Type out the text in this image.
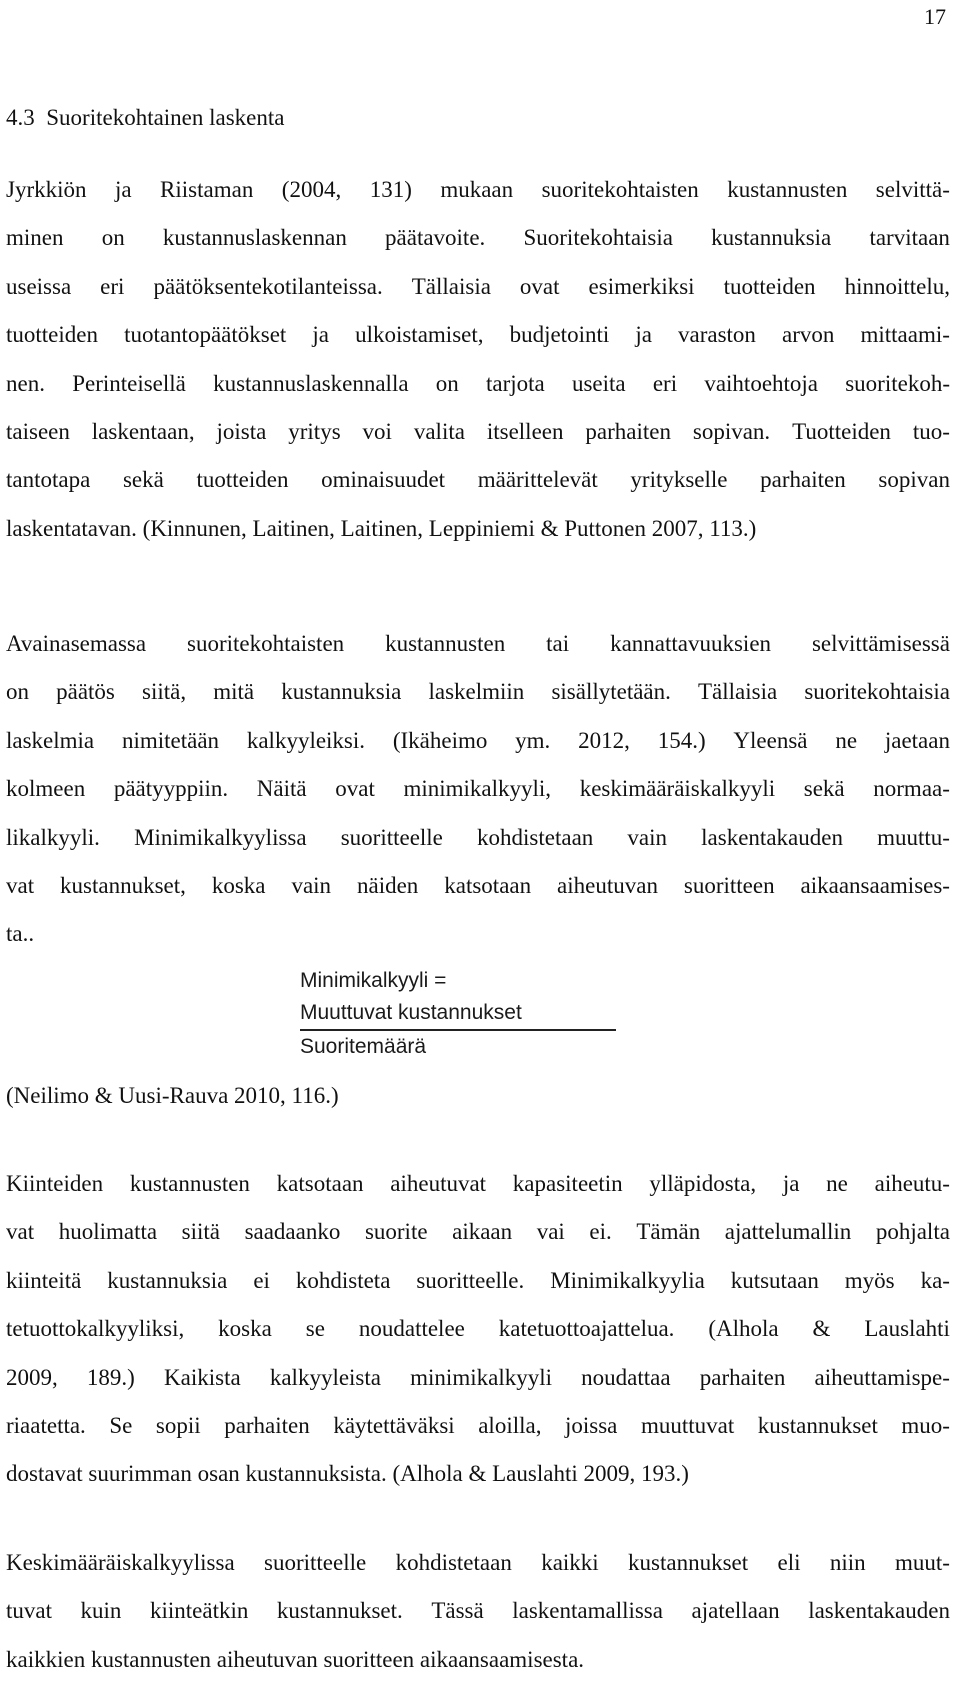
17
4.3  Suoritekohtainen laskenta
Jyrkkiön ja Riistaman (2004, 131) mukaan suoritekohtaisten kustannusten selvittä-
minen on kustannuslaskennan päätavoite. Suoritekohtaisia kustannuksia tarvitaan
useissa eri päätöksentekotilanteissa. Tällaisia ovat esimerkiksi tuotteiden hinnoittelu,
tuotteiden tuotantopäätökset ja ulkoistamiset, budjetointi ja varaston arvon mittaami-
nen. Perinteisellä kustannuslaskennalla on tarjota useita eri vaihtoehtoja suoritekoh-
taiseen laskentaan, joista yritys voi valita itselleen parhaiten sopivan. Tuotteiden tuo-
tantotapa sekä tuotteiden ominaisuudet määrittelevät yritykselle parhaiten sopivan
laskentatavan. (Kinnunen, Laitinen, Laitinen, Leppiniemi & Puttonen 2007, 113.)
Avainasemassa suoritekohtaisten kustannusten tai kannattavuuksien selvittämisessä
on päätös siitä, mitä kustannuksia laskelmiin sisällytetään. Tällaisia suoritekohtaisia
laskelmia nimitetään kalkyyleiksi. (Ikäheimo ym. 2012, 154.) Yleensä ne jaetaan
kolmeen päätyyppiin. Näitä ovat minimikalkyyli, keskimääräiskalkyyli sekä normaa-
likalkyyli. Minimikalkyylissa suoritteelle kohdistetaan vain laskentakauden muuttu-
vat kustannukset, koska vain näiden katsotaan aiheutuvan suoritteen aikaansaamises-
ta..
Minimikalkyyli =
Muuttuvat kustannukset
Suoritemäärä
(Neilimo & Uusi-Rauva 2010, 116.)
Kiinteiden kustannusten katsotaan aiheutuvat kapasiteetin ylläpidosta, ja ne aiheutu-
vat huolimatta siitä saadaanko suorite aikaan vai ei. Tämän ajattelumallin pohjalta
kiinteitä kustannuksia ei kohdisteta suoritteelle. Minimikalkyylia kutsutaan myös ka-
tetuottokalkyyliksi, koska se noudattelee katetuottoajattelua. (Alhola & Lauslahti
2009, 189.) Kaikista kalkyyleista minimikalkyyli noudattaa parhaiten aiheuttamispe-
riaatetta. Se sopii parhaiten käytettäväksi aloilla, joissa muuttuvat kustannukset muo-
dostavat suurimman osan kustannuksista. (Alhola & Lauslahti 2009, 193.)
Keskimääräiskalkyylissa suoritteelle kohdistetaan kaikki kustannukset eli niin muut-
tuvat kuin kiinteätkin kustannukset. Tässä laskentamallissa ajatellaan laskentakauden
kaikkien kustannusten aiheutuvan suoritteen aikaansaamisesta.
